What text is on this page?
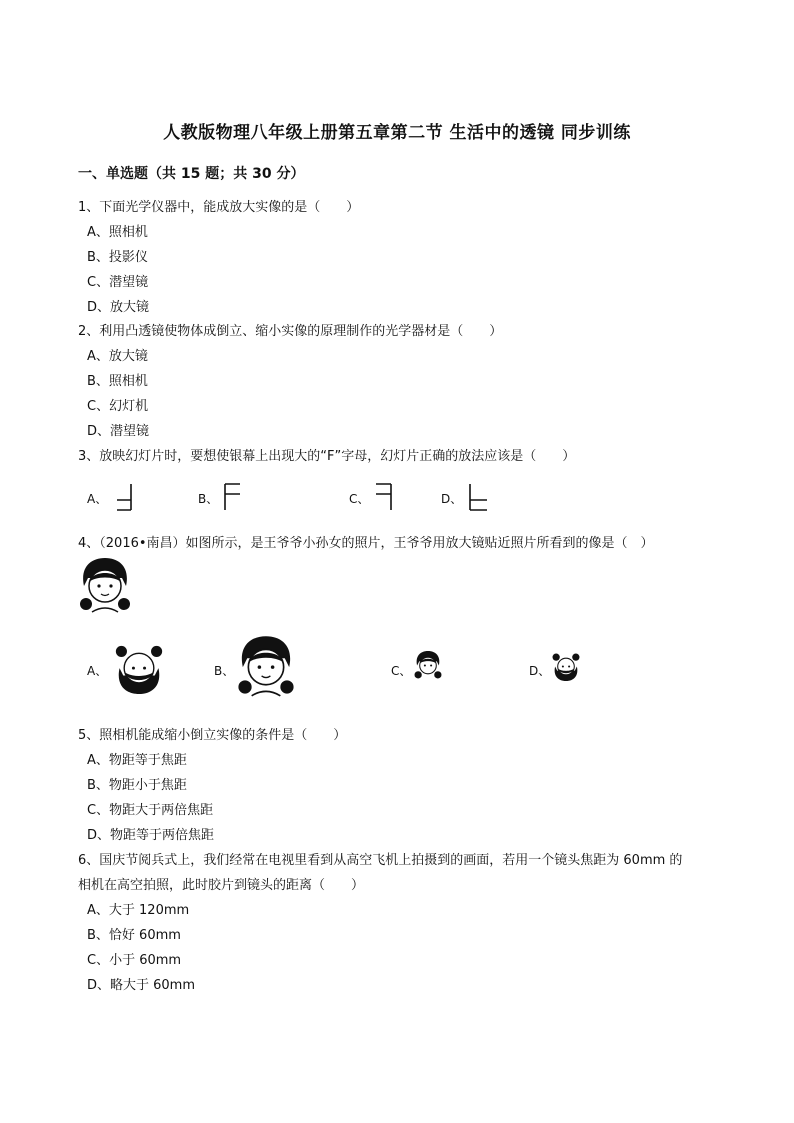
人教版物理八年级上册第五章第二节 生活中的透镜 同步训练
一、单选题（共 15 题；共 30 分）
1、下面光学仪器中，能成放大实像的是（　　）
A、照相机
B、投影仪
C、潜望镜
D、放大镜
2、利用凸透镜使物体成倒立、缩小实像的原理制作的光学器材是（　　）
A、放大镜
B、照相机
C、幻灯机
D、潜望镜
3、放映幻灯片时，要想使银幕上出现大的“F”字母，幻灯片正确的放法应该是（　　）
A、	B、	C、	D、
4、（2016•南昌）如图所示，是王爷爷小孙女的照片，王爷爷用放大镜贴近照片所看到的像是（　）
A、	B、	C、	D、
5、照相机能成缩小倒立实像的条件是（　　）
A、物距等于焦距
B、物距小于焦距
C、物距大于两倍焦距
D、物距等于两倍焦距
6、国庆节阅兵式上，我们经常在电视里看到从高空飞机上拍摄到的画面，若用一个镜头焦距为 60mm 的
相机在高空拍照，此时胶片到镜头的距离（　　）
A、大于 120mm
B、恰好 60mm
C、小于 60mm
D、略大于 60mm
